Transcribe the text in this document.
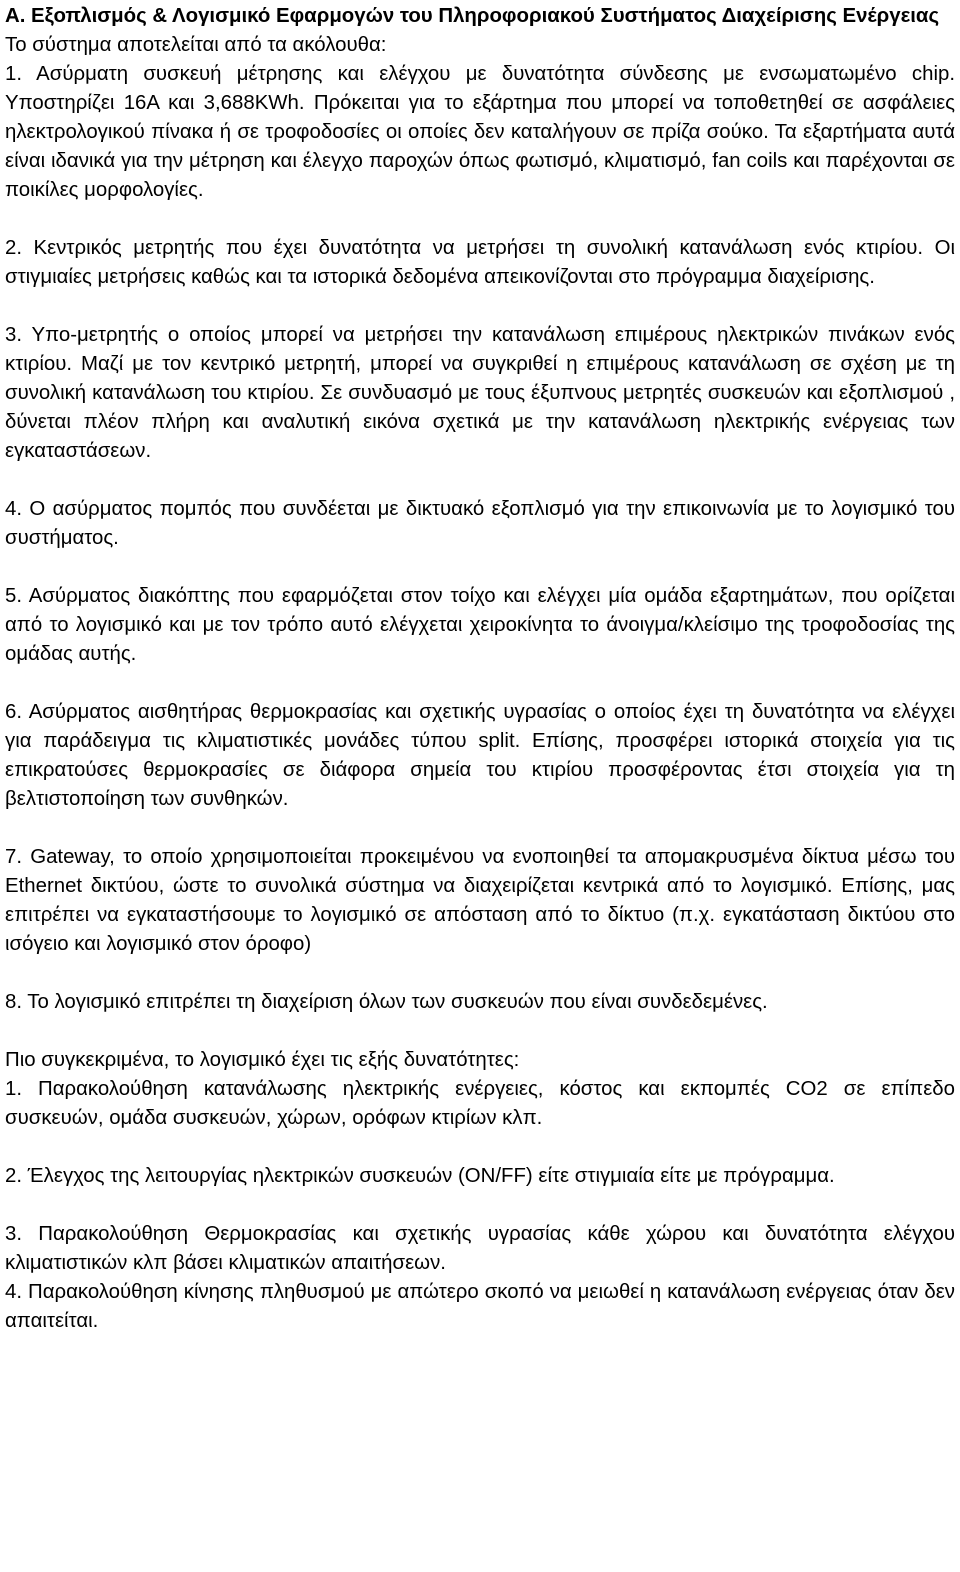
Α. Εξοπλισμός & Λογισμικό Εφαρμογών του Πληροφοριακού Συστήματος Διαχείρισης Ενέργειας

Το σύστημα αποτελείται από τα ακόλουθα:

1. Ασύρματη συσκευή μέτρησης και ελέγχου με δυνατότητα σύνδεσης με ενσωματωμένο chip. Υποστηρίζει 16A και 3,688KWh. Πρόκειται για το εξάρτημα που μπορεί να τοποθετηθεί σε ασφάλειες ηλεκτρολογικού πίνακα ή σε τροφοδοσίες οι οποίες δεν καταλήγουν σε πρίζα σούκο. Τα εξαρτήματα αυτά είναι ιδανικά για την μέτρηση και έλεγχο παροχών όπως φωτισμό, κλιματισμό, fan coils και παρέχονται σε ποικίλες μορφολογίες.

2. Κεντρικός μετρητής που έχει δυνατότητα να μετρήσει τη συνολική κατανάλωση ενός κτιρίου. Οι στιγμιαίες μετρήσεις καθώς και τα ιστορικά δεδομένα απεικονίζονται στο πρόγραμμα διαχείρισης.

3. Υπο-μετρητής ο οποίος μπορεί να μετρήσει την κατανάλωση επιμέρους ηλεκτρικών πινάκων ενός κτιρίου. Μαζί με τον κεντρικό μετρητή, μπορεί να συγκριθεί η επιμέρους κατανάλωση σε σχέση με τη συνολική κατανάλωση του κτιρίου. Σε συνδυασμό με τους έξυπνους μετρητές συσκευών και εξοπλισμού , δύνεται πλέον πλήρη και αναλυτική εικόνα σχετικά με την κατανάλωση ηλεκτρικής ενέργειας των εγκαταστάσεων.

4. Ο ασύρματος πομπός που συνδέεται με δικτυακό εξοπλισμό για την επικοινωνία με το λογισμικό του συστήματος.

5. Ασύρματος διακόπτης που εφαρμόζεται στον τοίχο και ελέγχει μία ομάδα εξαρτημάτων, που ορίζεται από το λογισμικό και με τον τρόπο αυτό ελέγχεται χειροκίνητα το άνοιγμα/κλείσιμο της τροφοδοσίας της ομάδας αυτής.

6. Ασύρματος αισθητήρας θερμοκρασίας και σχετικής υγρασίας ο οποίος έχει τη δυνατότητα να ελέγχει για παράδειγμα τις κλιματιστικές μονάδες τύπου split. Επίσης, προσφέρει ιστορικά στοιχεία για τις επικρατούσες θερμοκρασίες σε διάφορα σημεία του κτιρίου προσφέροντας έτσι στοιχεία για τη βελτιστοποίηση των συνθηκών.

7. Gateway, το οποίο χρησιμοποιείται προκειμένου να ενοποιηθεί τα απομακρυσμένα δίκτυα μέσω του Ethernet δικτύου, ώστε το συνολικά σύστημα να διαχειρίζεται κεντρικά από το λογισμικό. Επίσης, μας επιτρέπει να εγκαταστήσουμε το λογισμικό σε απόσταση από το δίκτυο (π.χ. εγκατάσταση δικτύου στο ισόγειο και λογισμικό στον όροφο)

8. Το λογισμικό επιτρέπει τη διαχείριση όλων των συσκευών που είναι συνδεδεμένες.

Πιο συγκεκριμένα, το λογισμικό έχει τις εξής δυνατότητες:

1. Παρακολούθηση κατανάλωσης ηλεκτρικής ενέργειες, κόστος και εκπομπές CO2 σε επίπεδο συσκευών, ομάδα συσκευών, χώρων, ορόφων κτιρίων κλπ.

2. Έλεγχος της λειτουργίας ηλεκτρικών συσκευών (ON/FF) είτε στιγμιαία είτε με πρόγραμμα.

3. Παρακολούθηση Θερμοκρασίας και σχετικής υγρασίας κάθε χώρου και δυνατότητα ελέγχου κλιματιστικών κλπ βάσει κλιματικών απαιτήσεων.

4. Παρακολούθηση κίνησης πληθυσμού με απώτερο σκοπό να μειωθεί η κατανάλωση ενέργειας όταν δεν απαιτείται.
